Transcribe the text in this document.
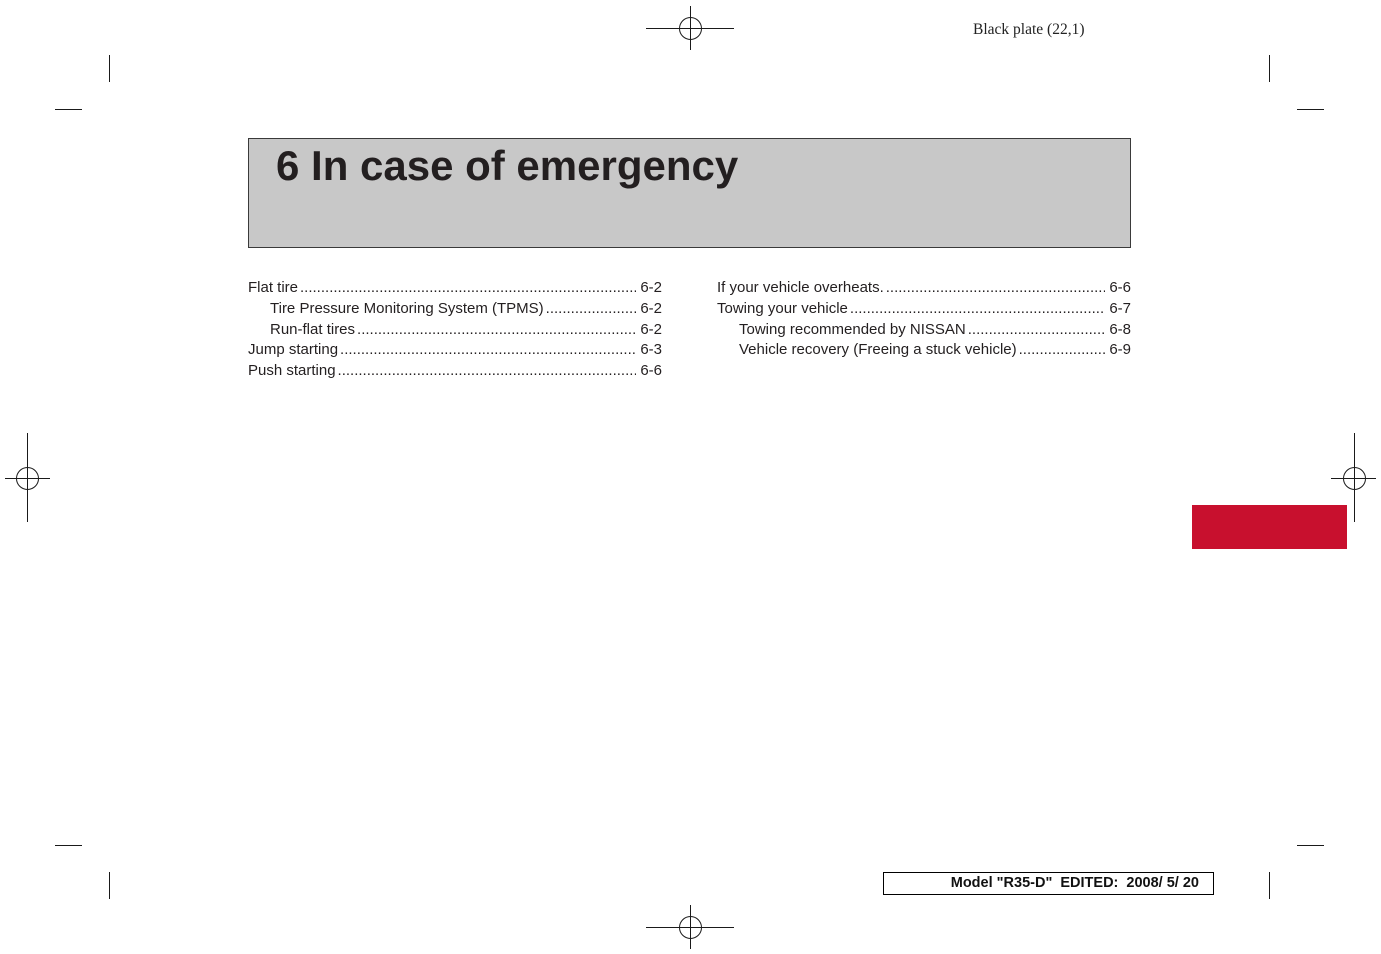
Black plate (22,1)
6 In case of emergency
Flat tire .....	6-2
Tire Pressure Monitoring System (TPMS) .....	6-2
Run-flat tires .....	6-2
Jump starting .....	6-3
Push starting .....	6-6
If your vehicle overheats. .....	6-6
Towing your vehicle .....	6-7
Towing recommended by NISSAN .....	6-8
Vehicle recovery (Freeing a stuck vehicle) .....	6-9
Model "R35-D"  EDITED:  2008/ 5/ 20
